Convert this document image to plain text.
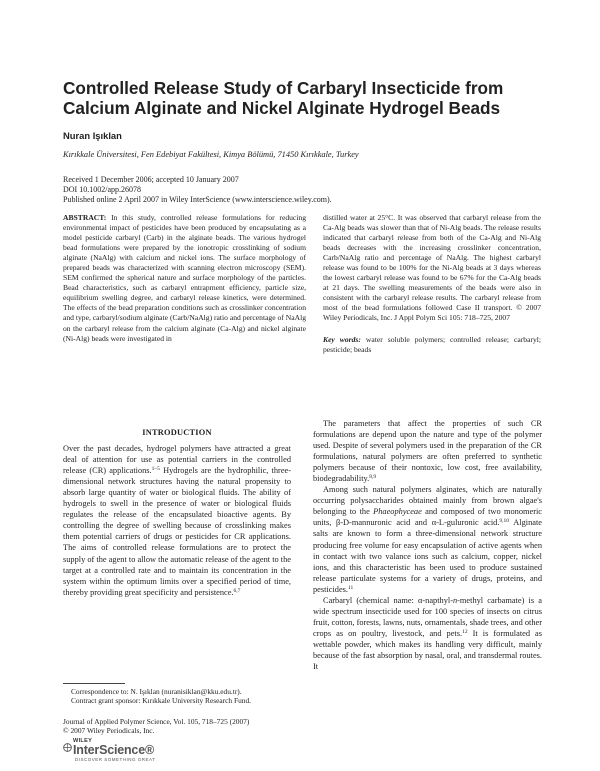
Controlled Release Study of Carbaryl Insecticide from Calcium Alginate and Nickel Alginate Hydrogel Beads
Nuran Işıklan
Kırıkkale Üniversitesi, Fen Edebiyat Fakültesi, Kimya Bölümü, 71450 Kırıkkale, Turkey
Received 1 December 2006; accepted 10 January 2007
DOI 10.1002/app.26078
Published online 2 April 2007 in Wiley InterScience (www.interscience.wiley.com).
ABSTRACT: In this study, controlled release formulations for reducing environmental impact of pesticides have been produced by encapsulating as a model pesticide carbaryl (Carb) in the alginate beads. The various hydrogel bead formulations were prepared by the ionotropic crosslinking of sodium alginate (NaAlg) with calcium and nickel ions. The surface morphology of prepared beads was characterized with scanning electron microscopy (SEM). SEM confirmed the spherical nature and surface morphology of the particles. Bead characteristics, such as carbaryl entrapment efficiency, particle size, equilibrium swelling degree, and carbaryl release kinetics, were determined. The effects of the bead preparation conditions such as crosslinker concentration and type, carbaryl/sodium alginate (Carb/NaAlg) ratio and percentage of NaAlg on the carbaryl release from the calcium alginate (Ca-Alg) and nickel alginate (Ni-Alg) beads were investigated in
distilled water at 25°C. It was observed that carbaryl release from the Ca-Alg beads was slower than that of Ni-Alg beads. The release results indicated that carbaryl release from both of the Ca-Alg and Ni-Alg beads decreases with the increasing crosslinker concentration, Carb/NaAlg ratio and percentage of NaAlg. The highest carbaryl release was found to be 100% for the Ni-Alg beads at 3 days whereas the lowest carbaryl release was found to be 67% for the Ca-Alg beads at 21 days. The swelling measurements of the beads were also in consistent with the carbaryl release results. The carbaryl release from most of the bead formulations followed Case II transport. © 2007 Wiley Periodicals, Inc. J Appl Polym Sci 105: 718–725, 2007
Key words: water soluble polymers; controlled release; carbaryl; pesticide; beads
INTRODUCTION

Over the past decades, hydrogel polymers have attracted a great deal of attention for use as potential carriers in the controlled release (CR) applications.$^{1-5}$ Hydrogels are the hydrophilic, three-dimensional network structures having the natural propensity to absorb large quantity of water or biological fluids. The ability of hydrogels to swell in the presence of water or biological fluids regulates the release of the encapsulated bioactive agents. By controlling the degree of swelling because of crosslinking makes them potential carriers of drugs or pesticides for CR applications. The aims of controlled release formulations are to protect the supply of the agent to allow the automatic release of the agent to the target at a controlled rate and to maintain its concentration in the system within the optimum limits over a specified period of time, thereby providing great specificity and persistence.$^{6,7}$

The parameters that affect the properties of such CR formulations are depend upon the nature and type of the polymer used. Despite of several polymers used in the preparation of the CR formulations, natural polymers are often preferred to synthetic polymers because of their nontoxic, low cost, free availability, biodegradability.$^{8,9}$

Among such natural polymers alginates, which are naturally occurring polysaccharides obtained mainly from brown algae's belonging to the Phaeophyceae and composed of two monomeric units, β-D-mannuronic acid and α-L-guluronic acid.$^{9,10}$ Alginate salts are known to form a three-dimensional network structure producing free volume for easy encapsulation of active agents when in contact with two valance ions such as calcium, copper, nickel ions, and this characteristic has been used to produce sustained release particulate systems for a variety of drugs, proteins, and pesticides.$^{11}$

Carbaryl (chemical name: α-napthyl-n-methyl carbamate) is a wide spectrum insecticide used for 100 species of insects on citrus fruit, cotton, forests, lawns, nuts, ornamentals, shade trees, and other crops as on poultry, livestock, and pets.$^{12}$ It is formulated as wettable powder, which makes its handling very difficult, mainly because of the fast absorption by nasal, oral, and transdermal routes. It

Correspondence to: N. Işıklan (nuranisiklan@kku.edu.tr).
Contract grant sponsor: Kırıkkale University Research Fund.
Journal of Applied Polymer Science, Vol. 105, 718–725 (2007)
© 2007 Wiley Periodicals, Inc.
WILEY
InterScience®
DISCOVER SOMETHING GREAT
